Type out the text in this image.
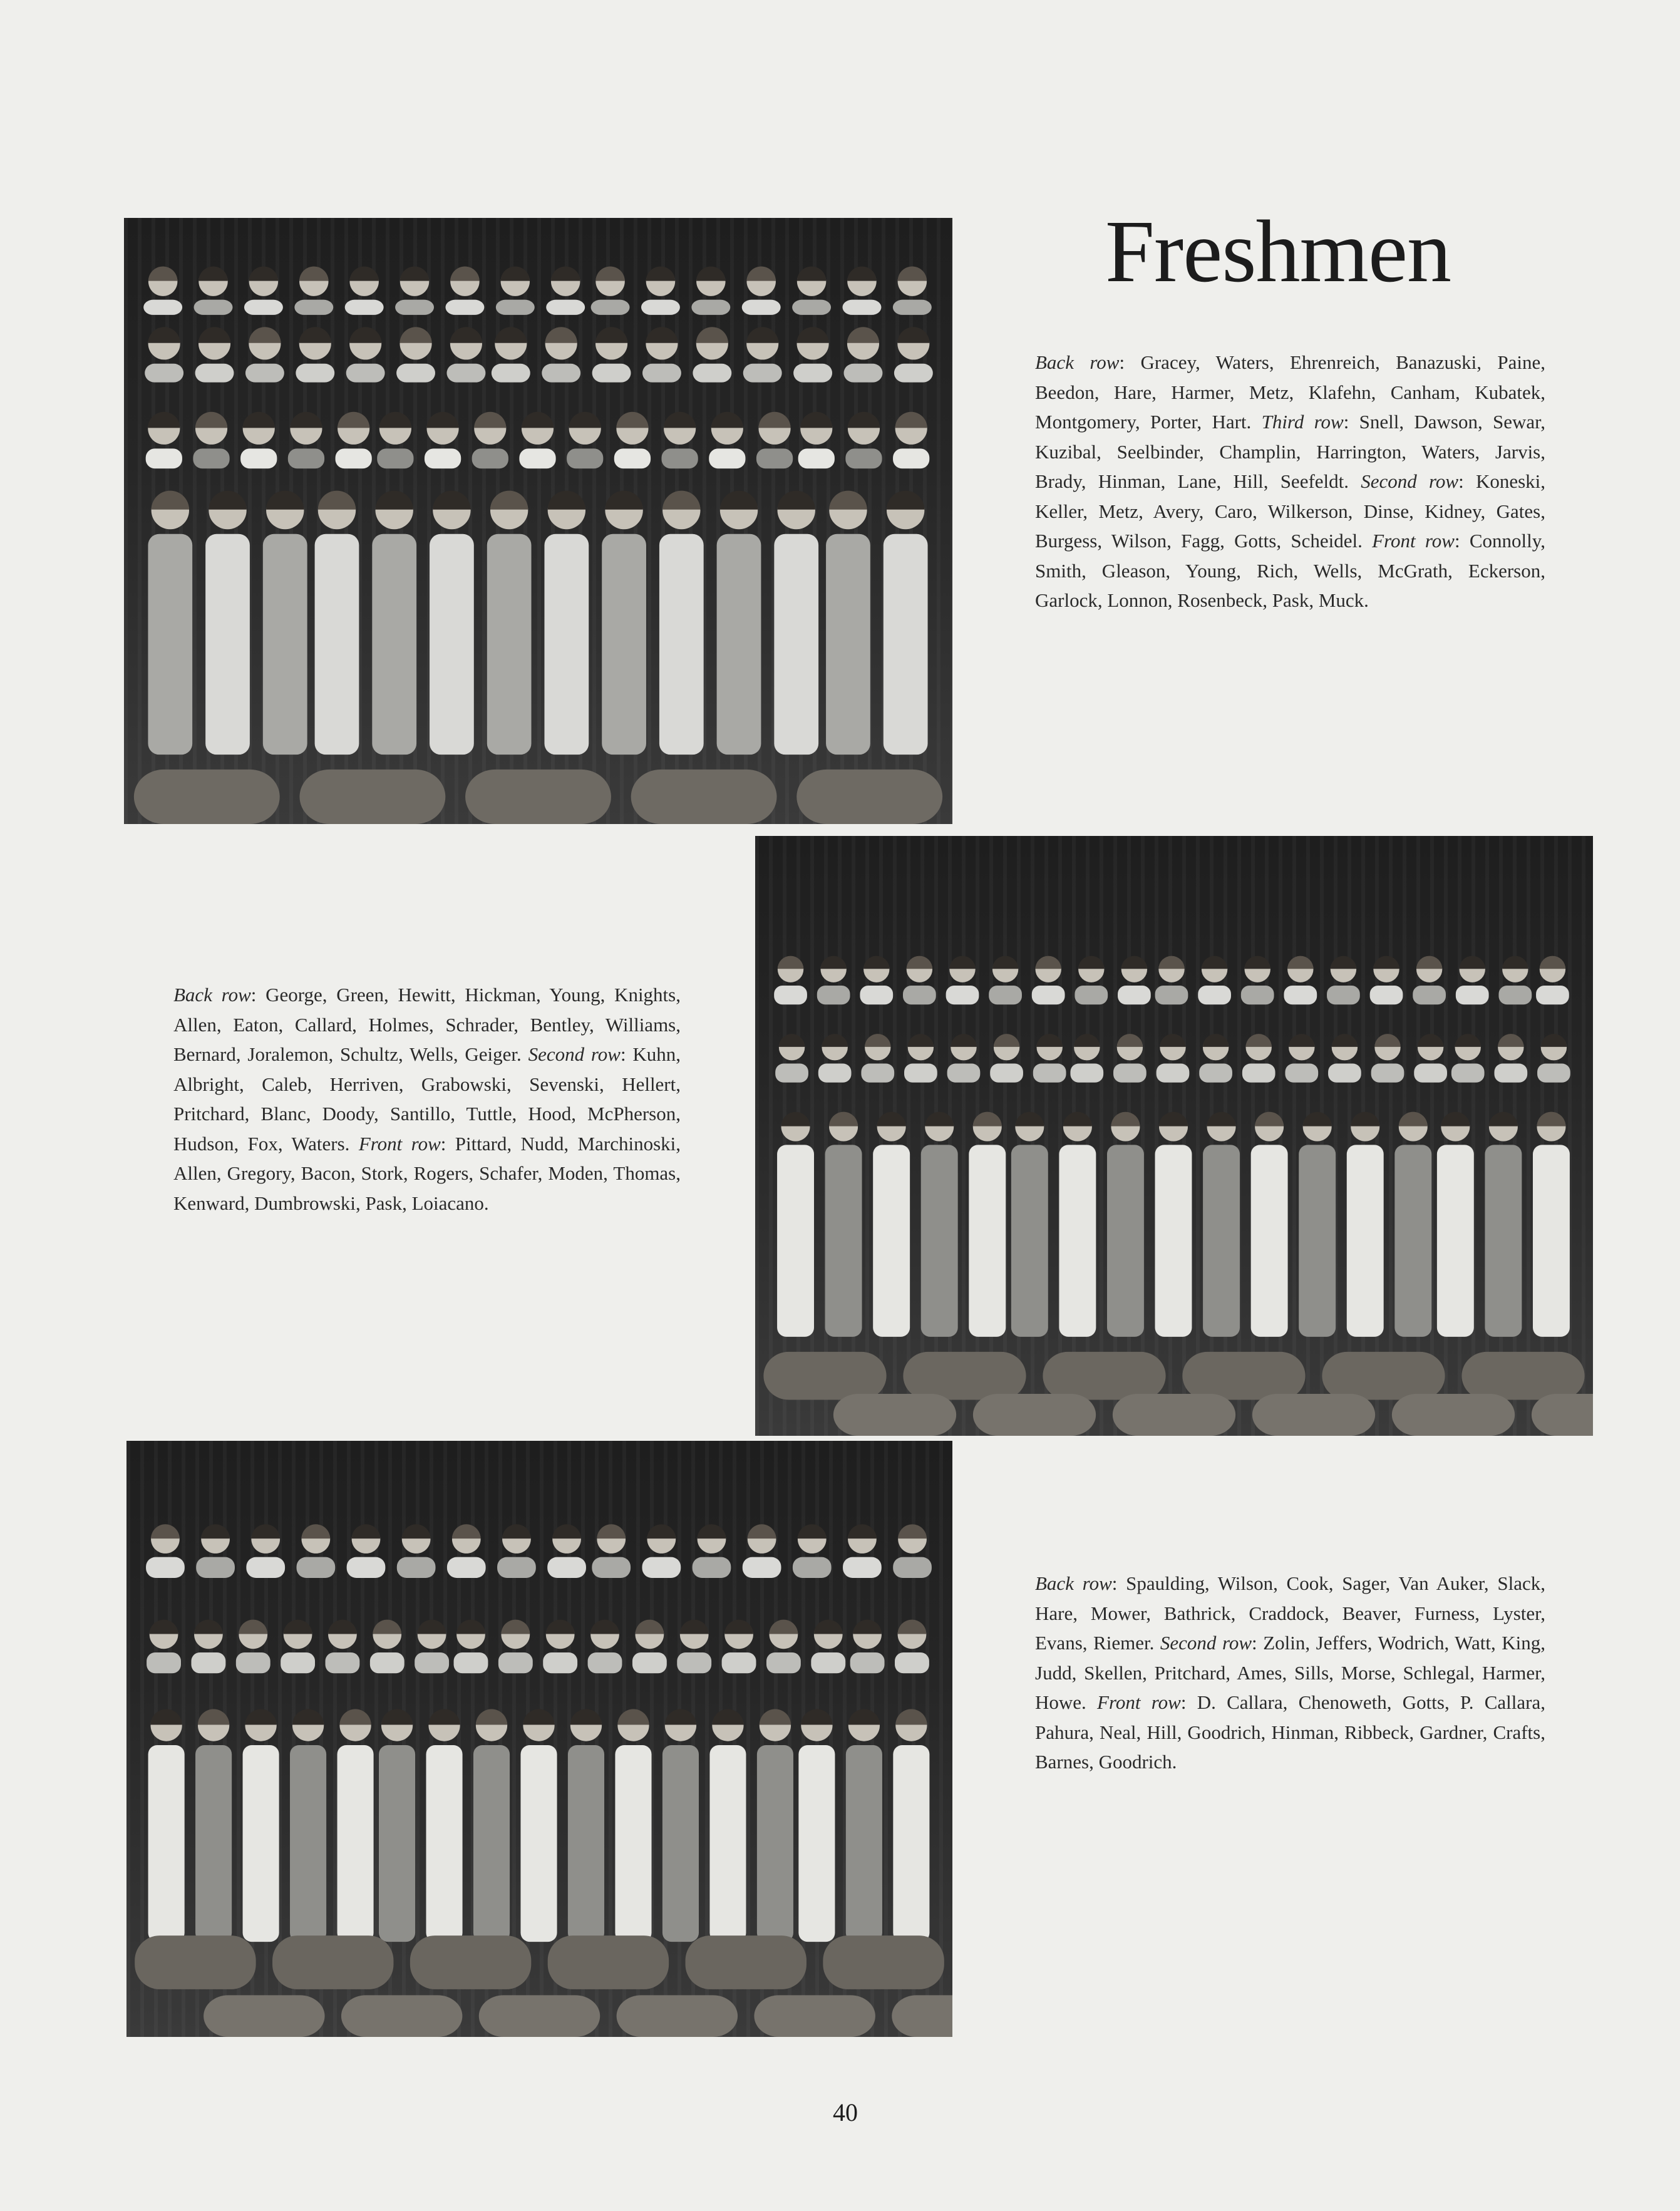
Freshmen

Back row: Gracey, Waters, Ehrenreich, Banazuski, Paine, Beedon, Hare, Harmer, Metz, Klafehn, Canham, Kubatek, Montgomery, Porter, Hart. Third row: Snell, Dawson, Sewar, Kuzibal, Seelbinder, Champlin, Harrington, Waters, Jarvis, Brady, Hinman, Lane, Hill, Seefeldt. Second row: Koneski, Keller, Metz, Avery, Caro, Wilkerson, Dinse, Kidney, Gates, Burgess, Wilson, Fagg, Gotts, Scheidel. Front row: Connolly, Smith, Gleason, Young, Rich, Wells, McGrath, Eckerson, Garlock, Lonnon, Rosenbeck, Pask, Muck.

Back row: George, Green, Hewitt, Hickman, Young, Knights, Allen, Eaton, Callard, Holmes, Schrader, Bentley, Williams, Bernard, Joralemon, Schultz, Wells, Geiger. Second row: Kuhn, Albright, Caleb, Herriven, Grabowski, Sevenski, Hellert, Pritchard, Blanc, Doody, Santillo, Tuttle, Hood, McPherson, Hudson, Fox, Waters. Front row: Pittard, Nudd, Marchinoski, Allen, Gregory, Bacon, Stork, Rogers, Schafer, Moden, Thomas, Kenward, Dumbrowski, Pask, Loiacano.

Back row: Spaulding, Wilson, Cook, Sager, Van Auker, Slack, Hare, Mower, Bathrick, Craddock, Beaver, Furness, Lyster, Evans, Riemer. Second row: Zolin, Jeffers, Wodrich, Watt, King, Judd, Skellen, Pritchard, Ames, Sills, Morse, Schlegal, Harmer, Howe. Front row: D. Callara, Chenoweth, Gotts, P. Callara, Pahura, Neal, Hill, Goodrich, Hinman, Ribbeck, Gardner, Crafts, Barnes, Goodrich.

40
